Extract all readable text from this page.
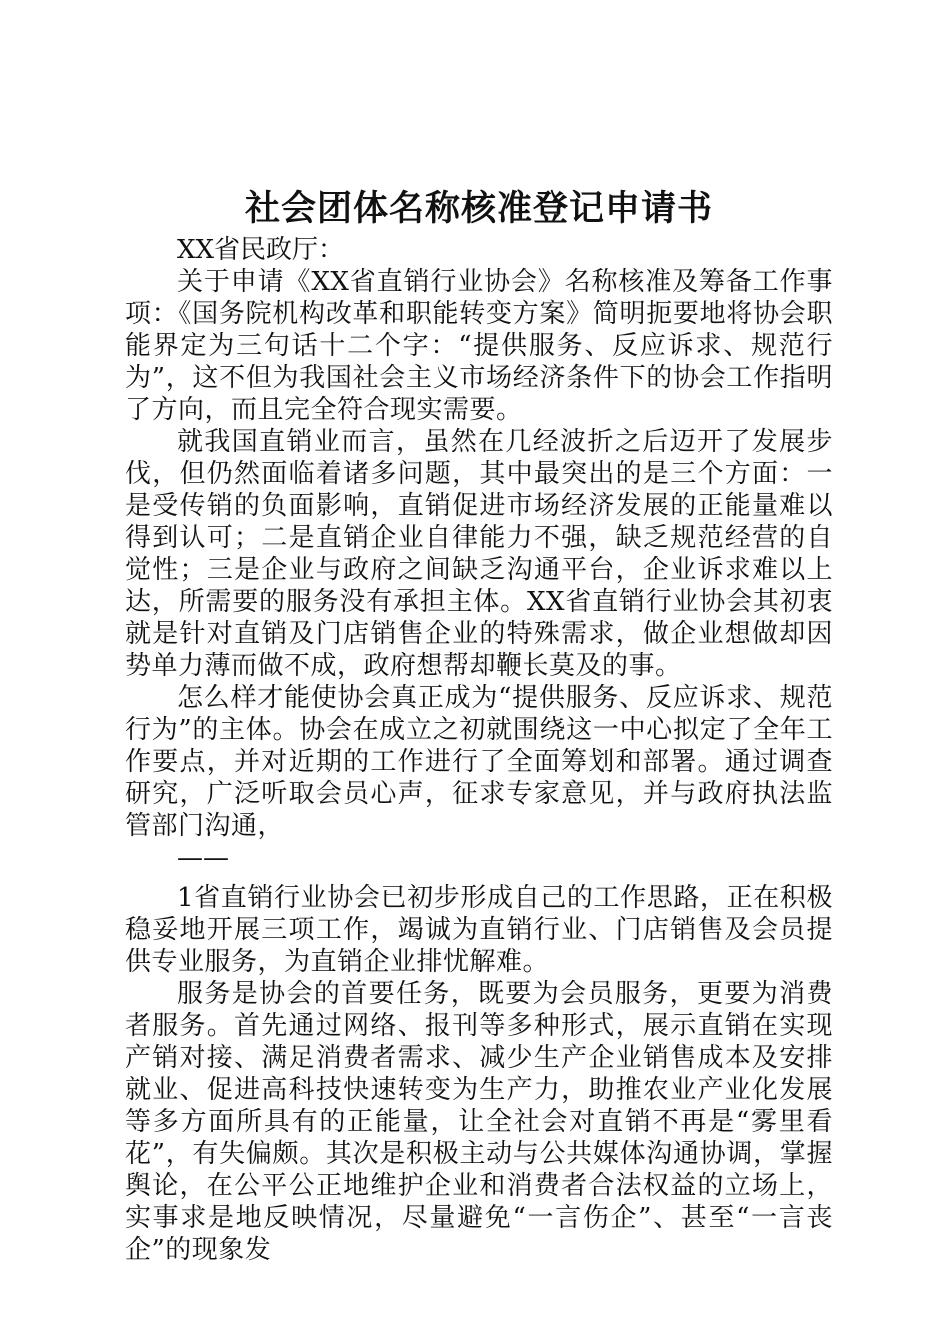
社会团体名称核准登记申请书

XX省民政厅：

关于申请《XX省直销行业协会》名称核准及筹备工作事项：《国务院机构改革和职能转变方案》简明扼要地将协会职能界定为三句话十二个字：“提供服务、反应诉求、规范行为”，这不但为我国社会主义市场经济条件下的协会工作指明了方向，而且完全符合现实需要。

就我国直销业而言，虽然在几经波折之后迈开了发展步伐，但仍然面临着诸多问题，其中最突出的是三个方面：一是受传销的负面影响，直销促进市场经济发展的正能量难以得到认可；二是直销企业自律能力不强，缺乏规范经营的自觉性；三是企业与政府之间缺乏沟通平台，企业诉求难以上达，所需要的服务没有承担主体。XX省直销行业协会其初衷就是针对直销及门店销售企业的特殊需求，做企业想做却因势单力薄而做不成，政府想帮却鞭长莫及的事。

怎么样才能使协会真正成为“提供服务、反应诉求、规范行为”的主体。协会在成立之初就围绕这一中心拟定了全年工作要点，并对近期的工作进行了全面筹划和部署。通过调查研究，广泛听取会员心声，征求专家意见，并与政府执法监管部门沟通，

——

1省直销行业协会已初步形成自己的工作思路，正在积极稳妥地开展三项工作，竭诚为直销行业、门店销售及会员提供专业服务，为直销企业排忧解难。

服务是协会的首要任务，既要为会员服务，更要为消费者服务。首先通过网络、报刊等多种形式，展示直销在实现产销对接、满足消费者需求、减少生产企业销售成本及安排就业、促进高科技快速转变为生产力，助推农业产业化发展等多方面所具有的正能量，让全社会对直销不再是“雾里看花”，有失偏颇。其次是积极主动与公共媒体沟通协调，掌握舆论，在公平公正地维护企业和消费者合法权益的立场上，实事求是地反映情况，尽量避免“一言伤企”、甚至“一言丧企”的现象发
